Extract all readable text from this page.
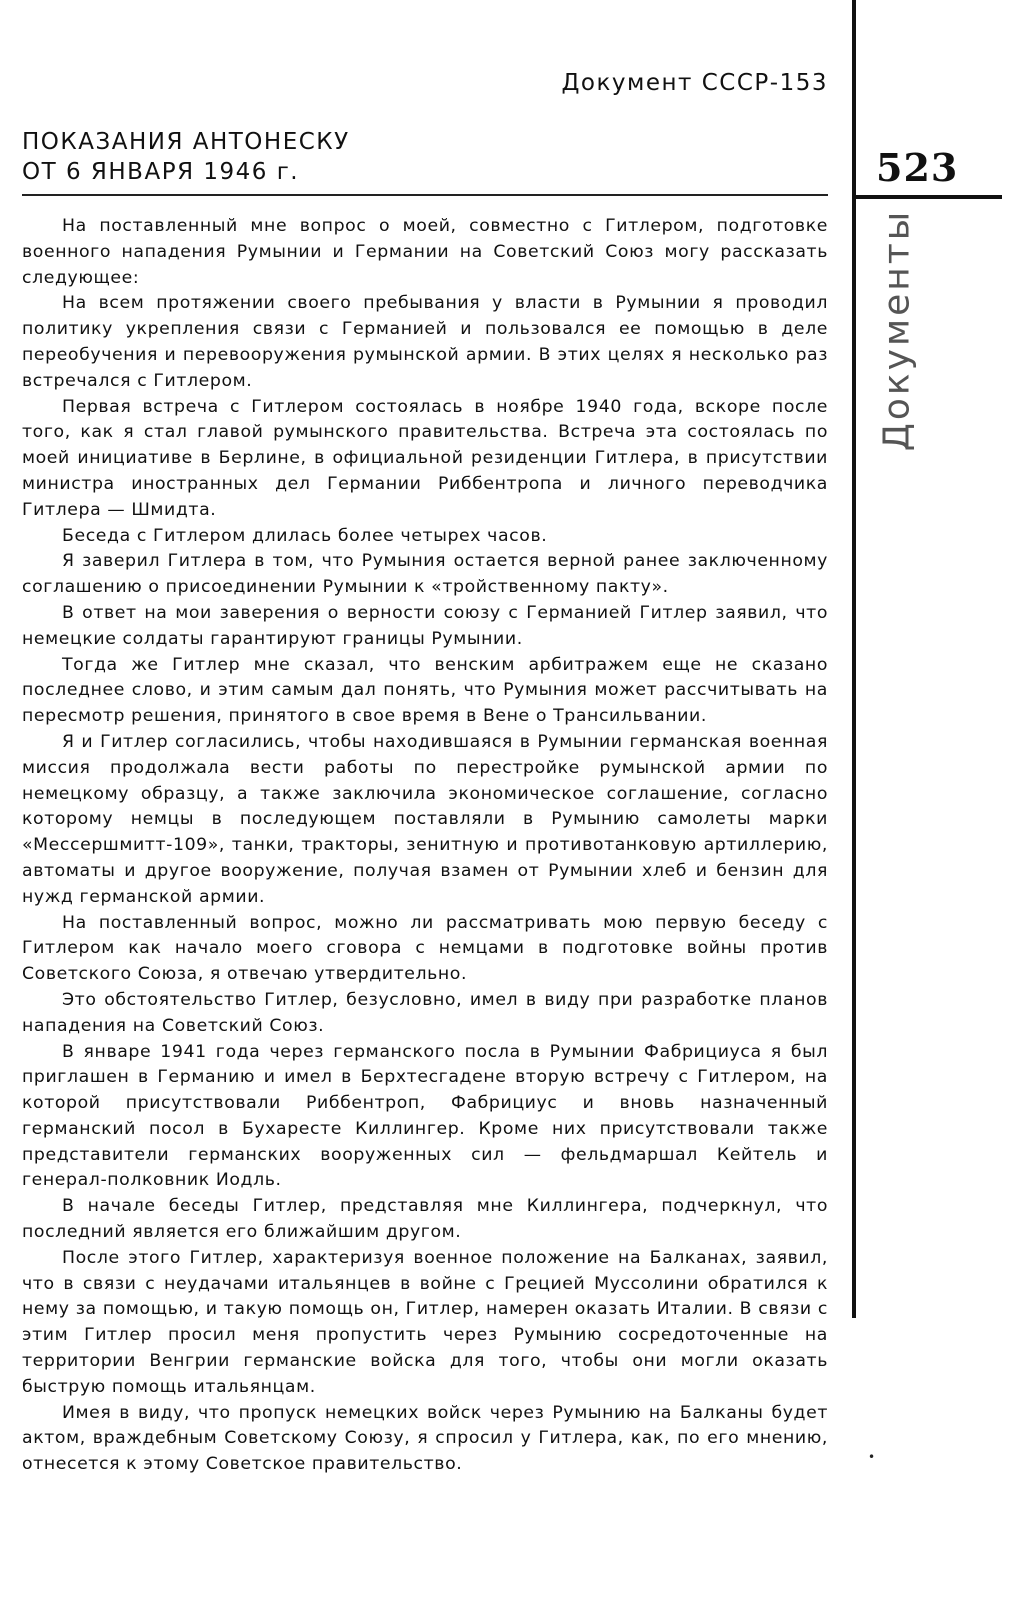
Документ СССР-153
ПОКАЗАНИЯ АНТОНЕСКУ
ОТ 6 ЯНВАРЯ 1946 г.	523
Документы
•

На поставленный мне вопрос о моей, совместно с Гитлером, подготовке военного нападения Румынии и Германии на Советский Союз могу рассказать следующее:

На всем протяжении своего пребывания у власти в Румынии я проводил политику укрепления связи с Германией и пользовался ее помощью в деле переобучения и перевооружения румынской армии. В этих целях я несколько раз встречался с Гитлером.

Первая встреча с Гитлером состоялась в ноябре 1940 года, вскоре после того, как я стал главой румынского правительства. Встреча эта состоялась по моей инициативе в Берлине, в официальной резиденции Гитлера, в присутствии министра иностранных дел Германии Риббентропа и личного переводчика Гитлера — Шмидта.

Беседа с Гитлером длилась более четырех часов.

Я заверил Гитлера в том, что Румыния остается верной ранее заключенному соглашению о присоединении Румынии к «тройственному пакту».

В ответ на мои заверения о верности союзу с Германией Гитлер заявил, что немецкие солдаты гарантируют границы Румынии.

Тогда же Гитлер мне сказал, что венским арбитражем еще не сказано последнее слово, и этим самым дал понять, что Румыния может рассчитывать на пересмотр решения, принятого в свое время в Вене о Трансильвании.

Я и Гитлер согласились, чтобы находившаяся в Румынии германская военная миссия продолжала вести работы по перестройке румынской армии по немецкому образцу, а также заключила экономическое соглашение, согласно которому немцы в последующем поставляли в Румынию самолеты марки «Мессершмитт-109», танки, тракторы, зенитную и противотанковую артиллерию, автоматы и другое вооружение, получая взамен от Румынии хлеб и бензин для нужд германской армии.

На поставленный вопрос, можно ли рассматривать мою первую беседу с Гитлером как начало моего сговора с немцами в подготовке войны против Советского Союза, я отвечаю утвердительно.

Это обстоятельство Гитлер, безусловно, имел в виду при разработке планов нападения на Советский Союз.

В январе 1941 года через германского посла в Румынии Фабрициуса я был приглашен в Германию и имел в Берхтесгадене вторую встречу с Гитлером, на которой присутствовали Риббентроп, Фабрициус и вновь назначенный германский посол в Бухаресте Киллингер. Кроме них присутствовали также представители германских вооруженных сил — фельдмаршал Кейтель и генерал-полковник Иодль.

В начале беседы Гитлер, представляя мне Киллингера, подчеркнул, что последний является его ближайшим другом.

После этого Гитлер, характеризуя военное положение на Балканах, заявил, что в связи с неудачами итальянцев в войне с Грецией Муссолини обратился к нему за помощью, и такую помощь он, Гитлер, намерен оказать Италии. В связи с этим Гитлер просил меня пропустить через Румынию сосредоточенные на территории Венгрии германские войска для того, чтобы они могли оказать быструю помощь итальянцам.

Имея в виду, что пропуск немецких войск через Румынию на Балканы будет актом, враждебным Советскому Союзу, я спросил у Гитлера, как, по его мнению, отнесется к этому Советское правительство.
